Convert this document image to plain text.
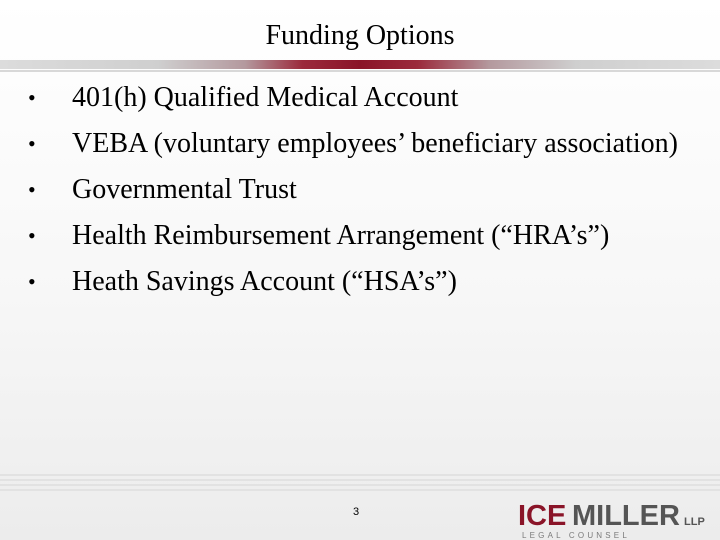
Funding Options
• 401(h) Qualified Medical Account
• VEBA (voluntary employees’ beneficiary association)
• Governmental Trust
• Health Reimbursement Arrangement (“HRA’s”)
• Heath Savings Account (“HSA’s”)
3	ICE MILLER LLP
LEGAL COUNSEL
